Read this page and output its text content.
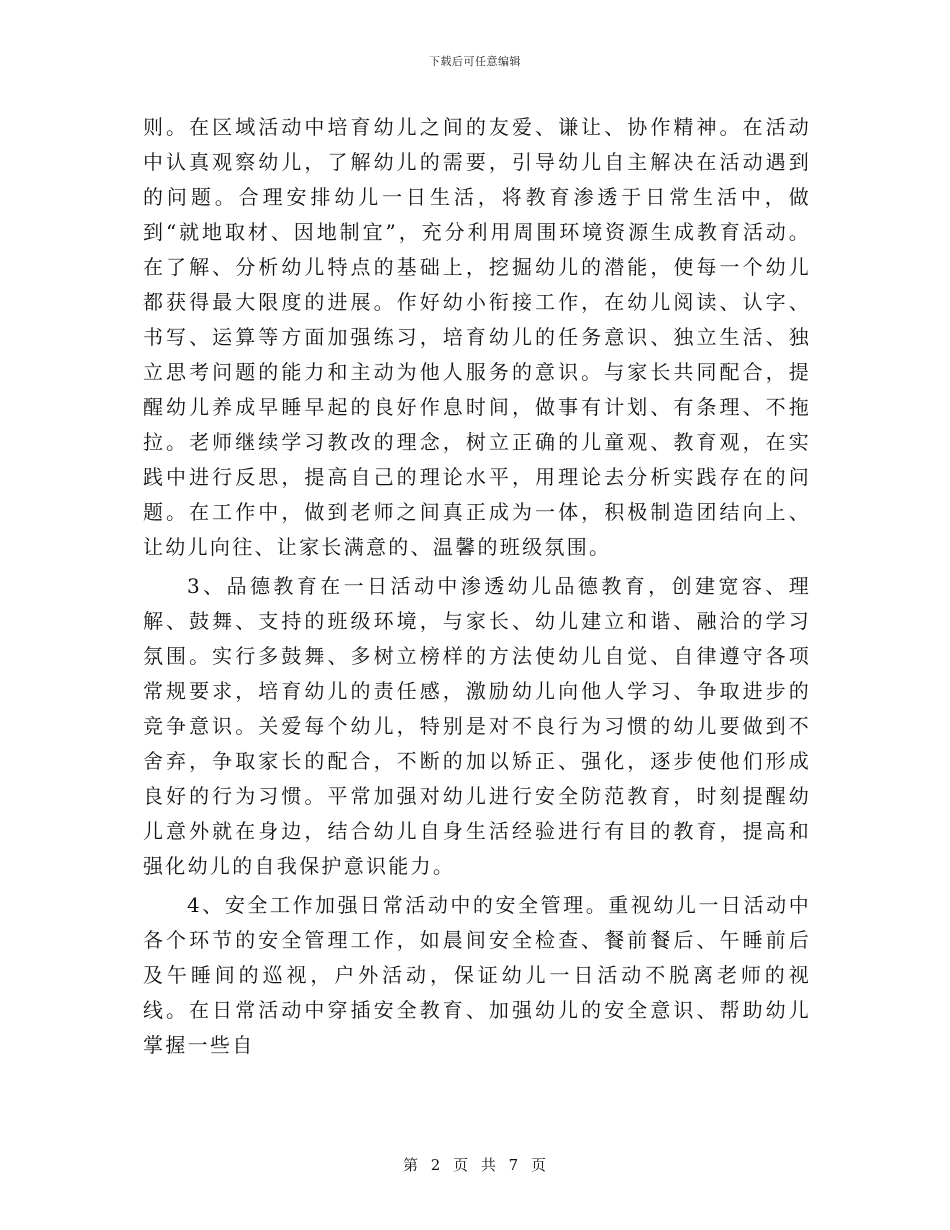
下载后可任意编辑

则。在区域活动中培育幼儿之间的友爱、谦让、协作精神。在活动中认真观察幼儿，了解幼儿的需要，引导幼儿自主解决在活动遇到的问题。合理安排幼儿一日生活，将教育渗透于日常生活中，做到“就地取材、因地制宜”，充分利用周围环境资源生成教育活动。在了解、分析幼儿特点的基础上，挖掘幼儿的潜能，使每一个幼儿都获得最大限度的进展。作好幼小衔接工作，在幼儿阅读、认字、书写、运算等方面加强练习，培育幼儿的任务意识、独立生活、独立思考问题的能力和主动为他人服务的意识。与家长共同配合，提醒幼儿养成早睡早起的良好作息时间，做事有计划、有条理、不拖拉。老师继续学习教改的理念，树立正确的儿童观、教育观，在实践中进行反思，提高自己的理论水平，用理论去分析实践存在的问题。在工作中，做到老师之间真正成为一体，积极制造团结向上、让幼儿向往、让家长满意的、温馨的班级氛围。

3、品德教育在一日活动中渗透幼儿品德教育，创建宽容、理解、鼓舞、支持的班级环境，与家长、幼儿建立和谐、融洽的学习氛围。实行多鼓舞、多树立榜样的方法使幼儿自觉、自律遵守各项常规要求，培育幼儿的责任感，激励幼儿向他人学习、争取进步的竞争意识。关爱每个幼儿，特别是对不良行为习惯的幼儿要做到不舍弃，争取家长的配合，不断的加以矫正、强化，逐步使他们形成良好的行为习惯。平常加强对幼儿进行安全防范教育，时刻提醒幼儿意外就在身边，结合幼儿自身生活经验进行有目的教育，提高和强化幼儿的自我保护意识能力。

4、安全工作加强日常活动中的安全管理。重视幼儿一日活动中各个环节的安全管理工作，如晨间安全检查、餐前餐后、午睡前后及午睡间的巡视，户外活动，保证幼儿一日活动不脱离老师的视线。在日常活动中穿插安全教育、加强幼儿的安全意识、帮助幼儿掌握一些自

第 2 页 共 7 页
